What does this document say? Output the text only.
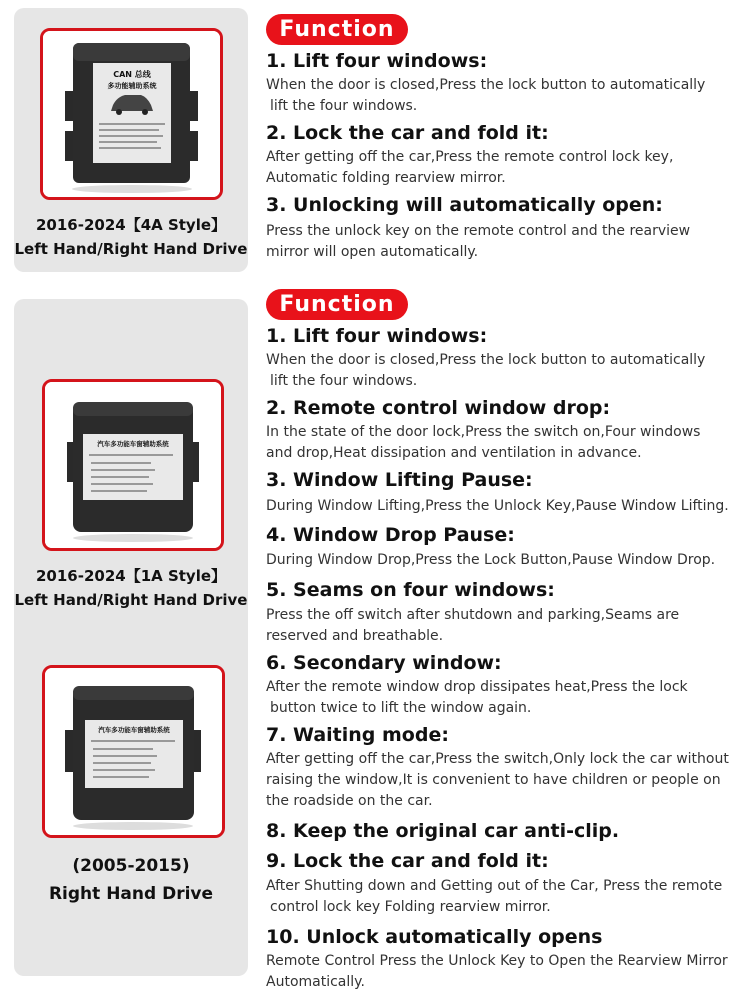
CAN 总线
多功能辅助系统
2016-2024【4A Style】
Left Hand/Right Hand Drive
汽车多功能车窗辅助系统
2016-2024【1A Style】
Left Hand/Right Hand Drive
汽车多功能车窗辅助系统
(2005-2015)
Right Hand Drive
Function
1. Lift four windows:
When the door is closed,Press the lock button to automatically
lift the four windows.
2. Lock the car and fold it:
After getting off the car,Press the remote control lock key,
Automatic folding rearview mirror.
3. Unlocking will automatically open:
Press the unlock key on the remote control and the rearview
mirror will open automatically.
Function
1. Lift four windows:
When the door is closed,Press the lock button to automatically
lift the four windows.
2. Remote control window drop:
In the state of the door lock,Press the switch on,Four windows
and drop,Heat dissipation and ventilation in advance.
3. Window Lifting Pause:
During Window Lifting,Press the Unlock Key,Pause Window Lifting.
4. Window Drop Pause:
During Window Drop,Press the Lock Button,Pause Window Drop.
5. Seams on four windows:
Press the off switch after shutdown and parking,Seams are
reserved and breathable.
6. Secondary window:
After the remote window drop dissipates heat,Press the lock
button twice to lift the window again.
7. Waiting mode:
After getting off the car,Press the switch,Only lock the car without
raising the window,It is convenient to have children or people on
the roadside on the car.
8. Keep the original car anti-clip.
9. Lock the car and fold it:
After Shutting down and Getting out of the Car, Press the remote
control lock key Folding rearview mirror.
10. Unlock automatically opens
Remote Control Press the Unlock Key to Open the Rearview Mirror
Automatically.
